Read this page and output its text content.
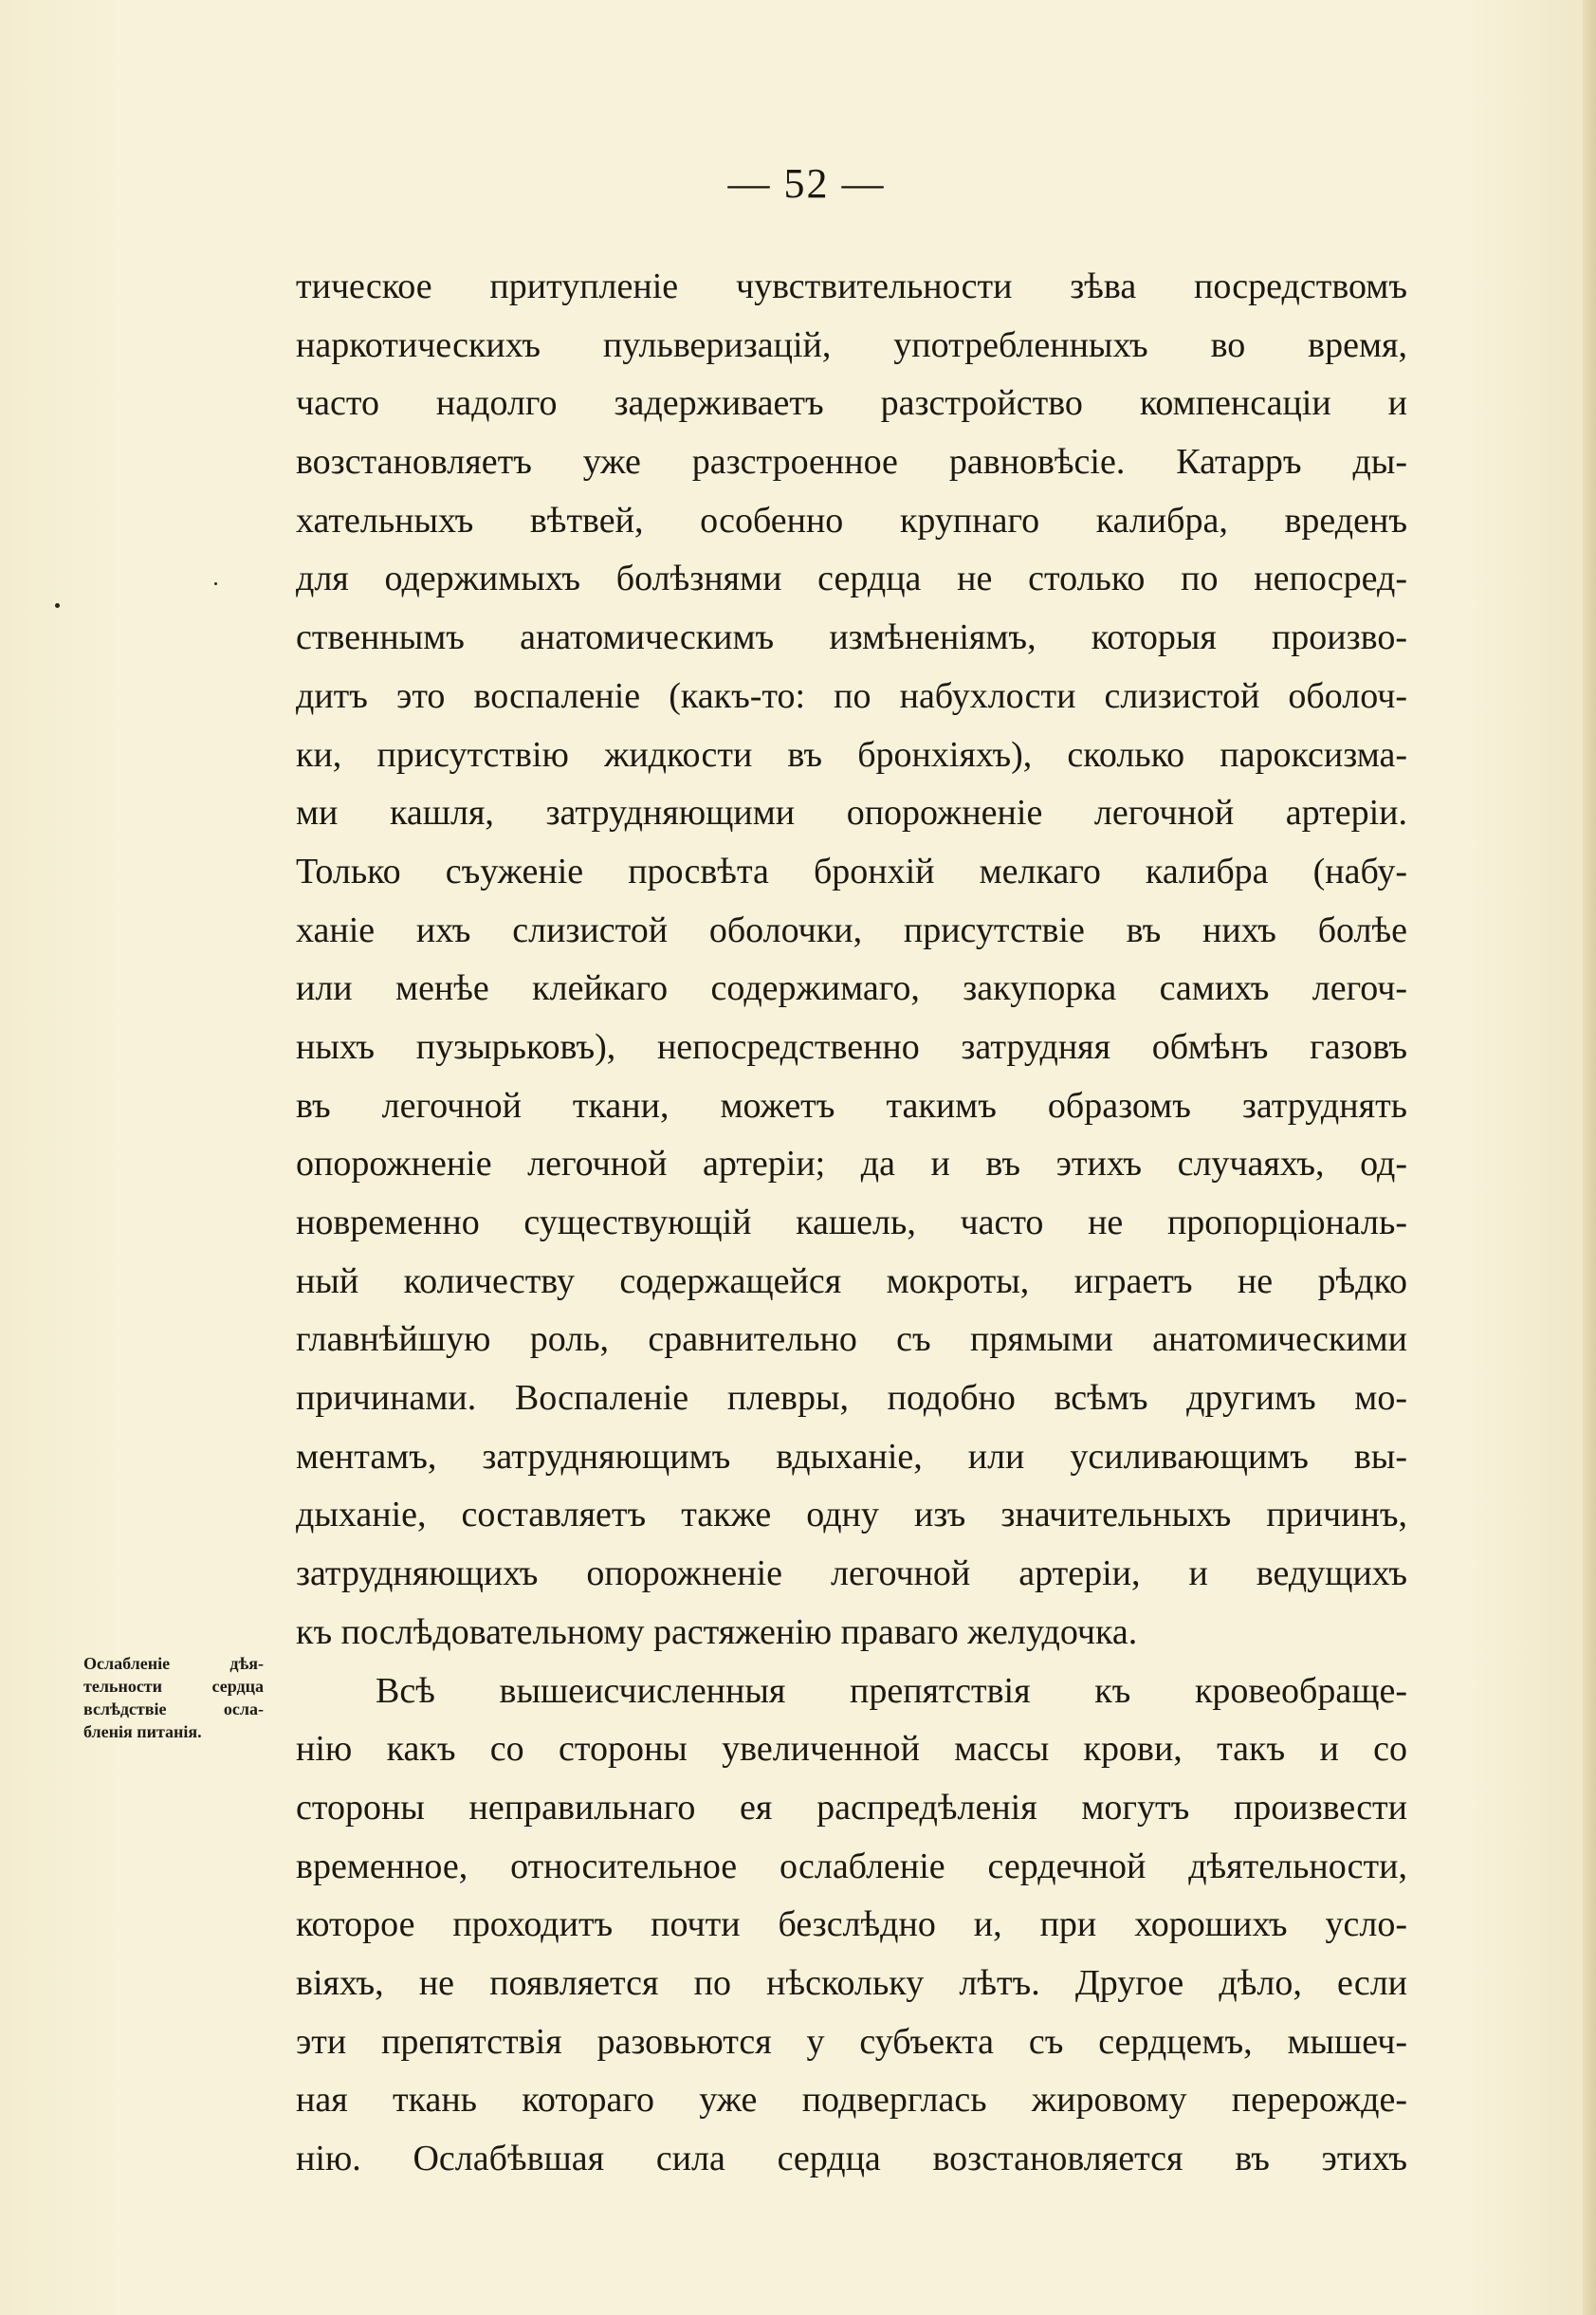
— 52 —
тическое притупленіе чувствительности зѣва посредствомъ
наркотическихъ пульверизацій, употребленныхъ во время,
часто надолго задерживаетъ разстройство компенсаціи и
возстановляетъ уже разстроенное равновѣсіе. Катарръ ды-
хательныхъ вѣтвей, особенно крупнаго калибра, вреденъ
для одержимыхъ болѣзнями сердца не столько по непосред-
ственнымъ анатомическимъ измѣненіямъ, которыя произво-
дитъ это воспаленіе (какъ-то: по набухлости слизистой оболоч-
ки, присутствію жидкости въ бронхіяхъ), сколько пароксизма-
ми кашля, затрудняющими опорожненіе легочной артеріи.
Только съуженіе просвѣта бронхій мелкаго калибра (набу-
ханіе ихъ слизистой оболочки, присутствіе въ нихъ болѣе
или менѣе клейкаго содержимаго, закупорка самихъ легоч-
ныхъ пузырьковъ), непосредственно затрудняя обмѣнъ газовъ
въ легочной ткани, можетъ такимъ образомъ затруднять
опорожненіе легочной артеріи; да и въ этихъ случаяхъ, од-
новременно существующій кашель, часто не пропорціональ-
ный количеству содержащейся мокроты, играетъ не рѣдко
главнѣйшую роль, сравнительно съ прямыми анатомическими
причинами. Воспаленіе плевры, подобно всѣмъ другимъ мо-
ментамъ, затрудняющимъ вдыханіе, или усиливающимъ вы-
дыханіе, составляетъ также одну изъ значительныхъ причинъ,
затрудняющихъ опорожненіе легочной артеріи, и ведущихъ
къ послѣдовательному растяженію праваго желудочка.
Всѣ вышеисчисленныя препятствія къ кровеобраще-
нію какъ со стороны увеличенной массы крови, такъ и со
стороны неправильнаго ея распредѣленія могутъ произвести
временное, относительное ослабленіе сердечной дѣятельности,
которое проходитъ почти безслѣдно и, при хорошихъ усло-
віяхъ, не появляется по нѣскольку лѣтъ. Другое дѣло, если
эти препятствія разовьются у субъекта съ сердцемъ, мышеч-
ная ткань котораго уже подверглась жировому перерожде-
нію. Ослабѣвшая сила сердца возстановляется въ этихъ
Ослабленіе дѣя-
тельности сердца
вслѣдствіе осла-
бленія питанія.
